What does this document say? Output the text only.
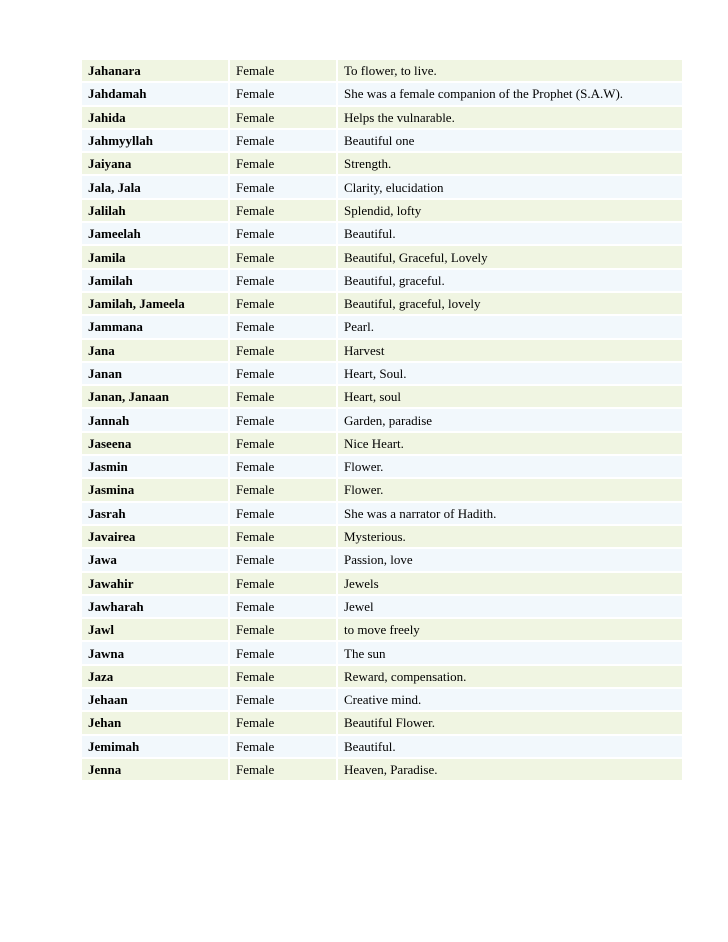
Jahanara	Female	To flower, to live.
Jahdamah	Female	She was a female companion of the Prophet (S.A.W).
Jahida	Female	Helps the vulnarable.
Jahmyyllah	Female	Beautiful one
Jaiyana	Female	Strength.
Jala, Jala	Female	Clarity, elucidation
Jalilah	Female	Splendid, lofty
Jameelah	Female	Beautiful.
Jamila	Female	Beautiful, Graceful, Lovely
Jamilah	Female	Beautiful, graceful.
Jamilah, Jameela	Female	Beautiful, graceful, lovely
Jammana	Female	Pearl.
Jana	Female	Harvest
Janan	Female	Heart, Soul.
Janan, Janaan	Female	Heart, soul
Jannah	Female	Garden, paradise
Jaseena	Female	Nice Heart.
Jasmin	Female	Flower.
Jasmina	Female	Flower.
Jasrah	Female	She was a narrator of Hadith.
Javairea	Female	Mysterious.
Jawa	Female	Passion, love
Jawahir	Female	Jewels
Jawharah	Female	Jewel
Jawl	Female	to move freely
Jawna	Female	The sun
Jaza	Female	Reward, compensation.
Jehaan	Female	Creative mind.
Jehan	Female	Beautiful Flower.
Jemimah	Female	Beautiful.
Jenna	Female	Heaven, Paradise.
